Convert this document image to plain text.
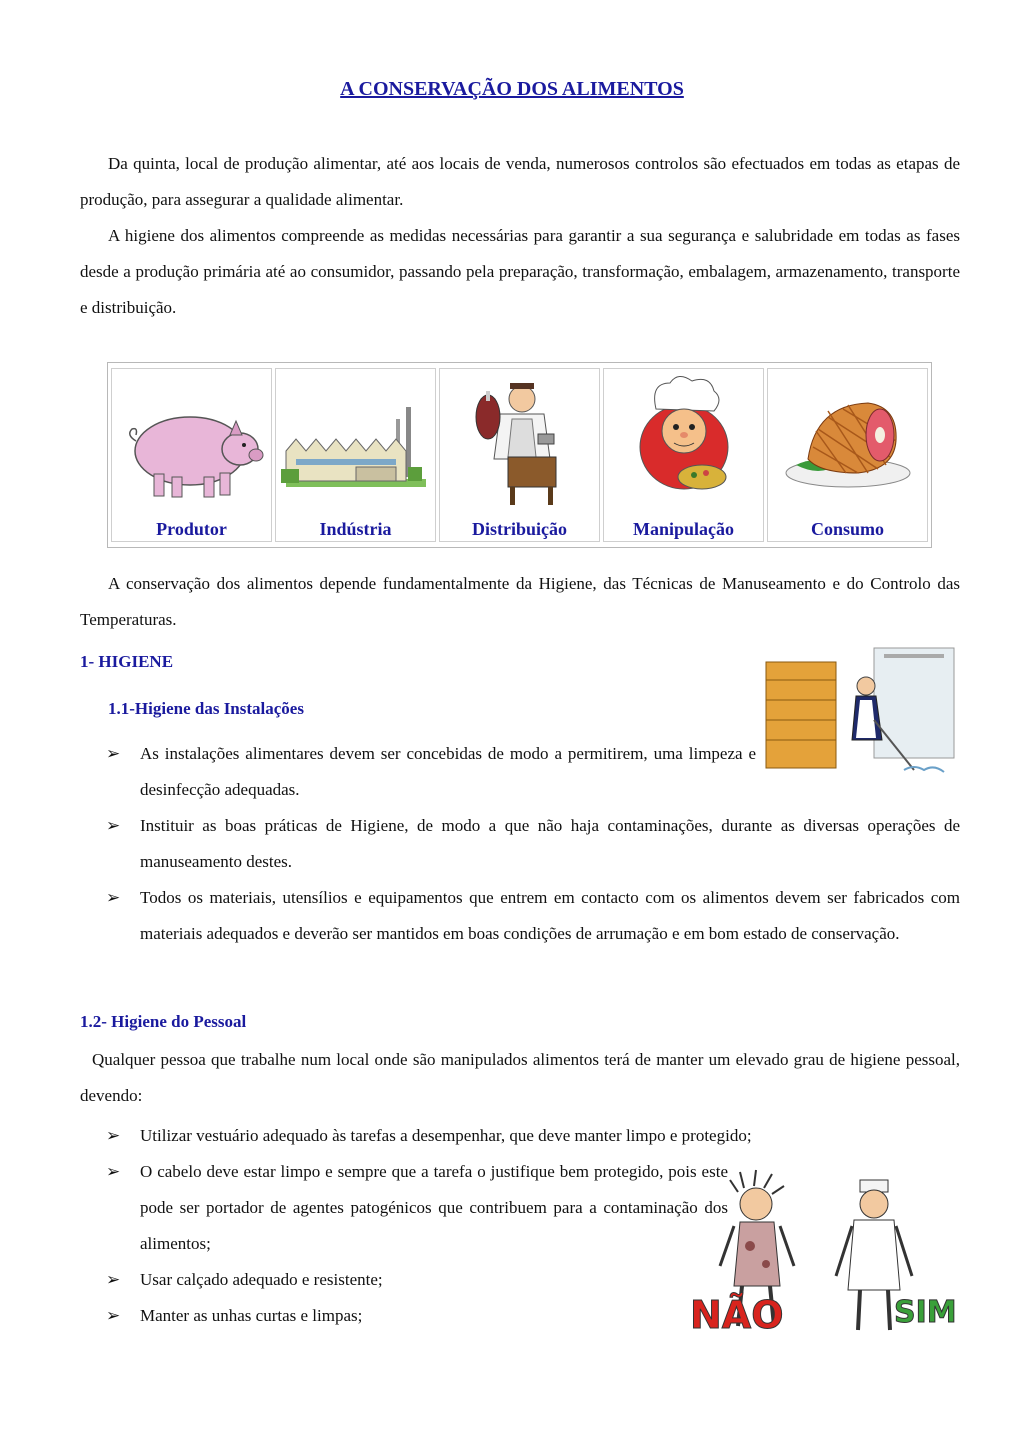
A CONSERVAÇÃO DOS ALIMENTOS

Da quinta, local de produção alimentar, até aos locais de venda, numerosos controlos são efectuados em todas as etapas de produção, para assegurar a qualidade alimentar.

A higiene dos alimentos compreende as medidas necessárias para garantir a sua segurança e salubridade em todas as fases desde a produção primária até ao consumidor, passando pela preparação, transformação, embalagem, armazenamento, transporte e distribuição.

Produtor	Indústria	Distribuição	Manipulação	Consumo

A conservação dos alimentos depende fundamentalmente da Higiene, das Técnicas de Manuseamento e do Controlo das Temperaturas.

1- HIGIENE
1.1-Higiene das Instalações
➢ As instalações alimentares devem ser concebidas de modo a permitirem, uma limpeza e desinfecção adequadas.
➢ Instituir as boas práticas de Higiene, de modo a que não haja contaminações, durante as diversas operações de manuseamento destes.
➢ Todos os materiais, utensílios e equipamentos que entrem em contacto com os alimentos devem ser fabricados com materiais adequados e deverão ser mantidos em boas condições de arrumação e em bom estado de conservação.
1.2- Higiene do Pessoal

Qualquer pessoa que trabalhe num local onde são manipulados alimentos terá de manter um elevado grau de higiene pessoal, devendo:

➢ Utilizar vestuário adequado às tarefas a desempenhar, que deve manter limpo e protegido;
➢ O cabelo deve estar limpo e sempre que a tarefa o justifique bem protegido, pois este pode ser portador de agentes patogénicos que contribuem para a contaminação dos alimentos;
➢ Usar calçado adequado e resistente;
➢ Manter as unhas curtas e limpas;	NÃO	SIM
